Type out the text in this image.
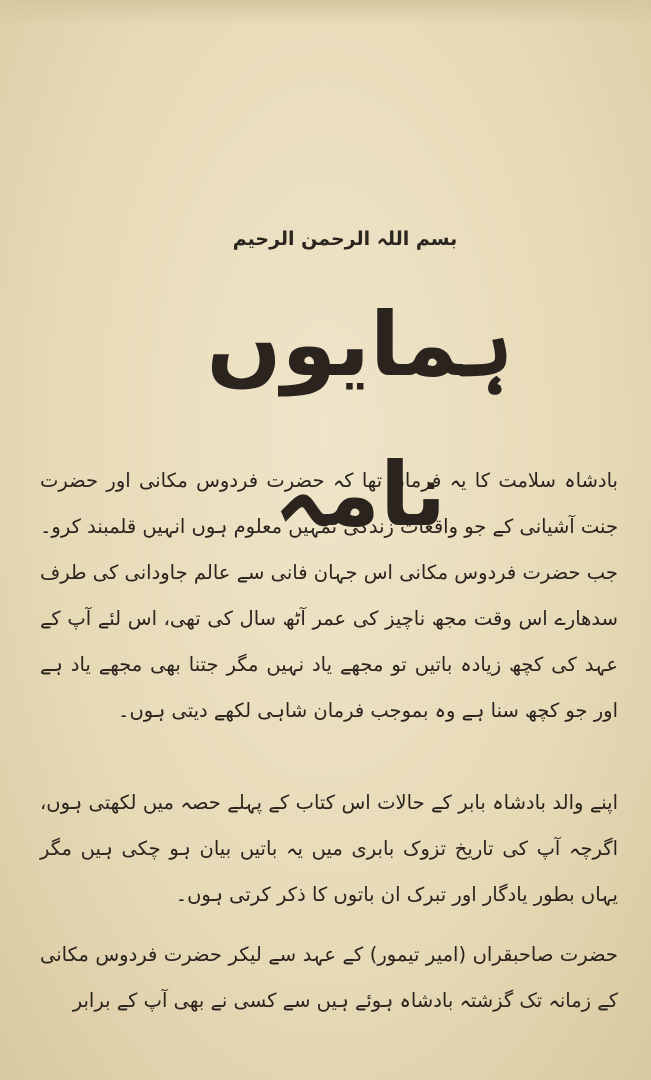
بسم اللہ الرحمن الرحیم
ہمایوں نامہ
بادشاہ سلامت کا یہ فرمان تھا کہ حضرت فردوس مکانی اور حضرت جنت آشیانی کے جو واقعات زندگی تمہیں معلوم ہوں انہیں قلمبند کرو۔ جب حضرت فردوس مکانی اس جہان فانی سے عالم جاودانی کی طرف سدھارے اس وقت مجھ ناچیز کی عمر آٹھ سال کی تھی، اس لئے آپ کے عہد کی کچھ زیادہ باتیں تو مجھے یاد نہیں مگر جتنا بھی مجھے یاد ہے اور جو کچھ سنا ہے وہ بموجب فرمان شاہی لکھے دیتی ہوں۔
اپنے والد بادشاہ بابر کے حالات اس کتاب کے پہلے حصہ میں لکھتی ہوں، اگرچہ آپ کی تاریخ تزوک بابری میں یہ باتیں بیان ہو چکی ہیں مگر یہاں بطور یادگار اور تبرک ان باتوں کا ذکر کرتی ہوں۔
حضرت صاحبقراں (امیر تیمور) کے عہد سے لیکر حضرت فردوس مکانی کے زمانہ تک گزشتہ بادشاہ ہوئے ہیں سے کسی نے بھی آپ کے برابر
